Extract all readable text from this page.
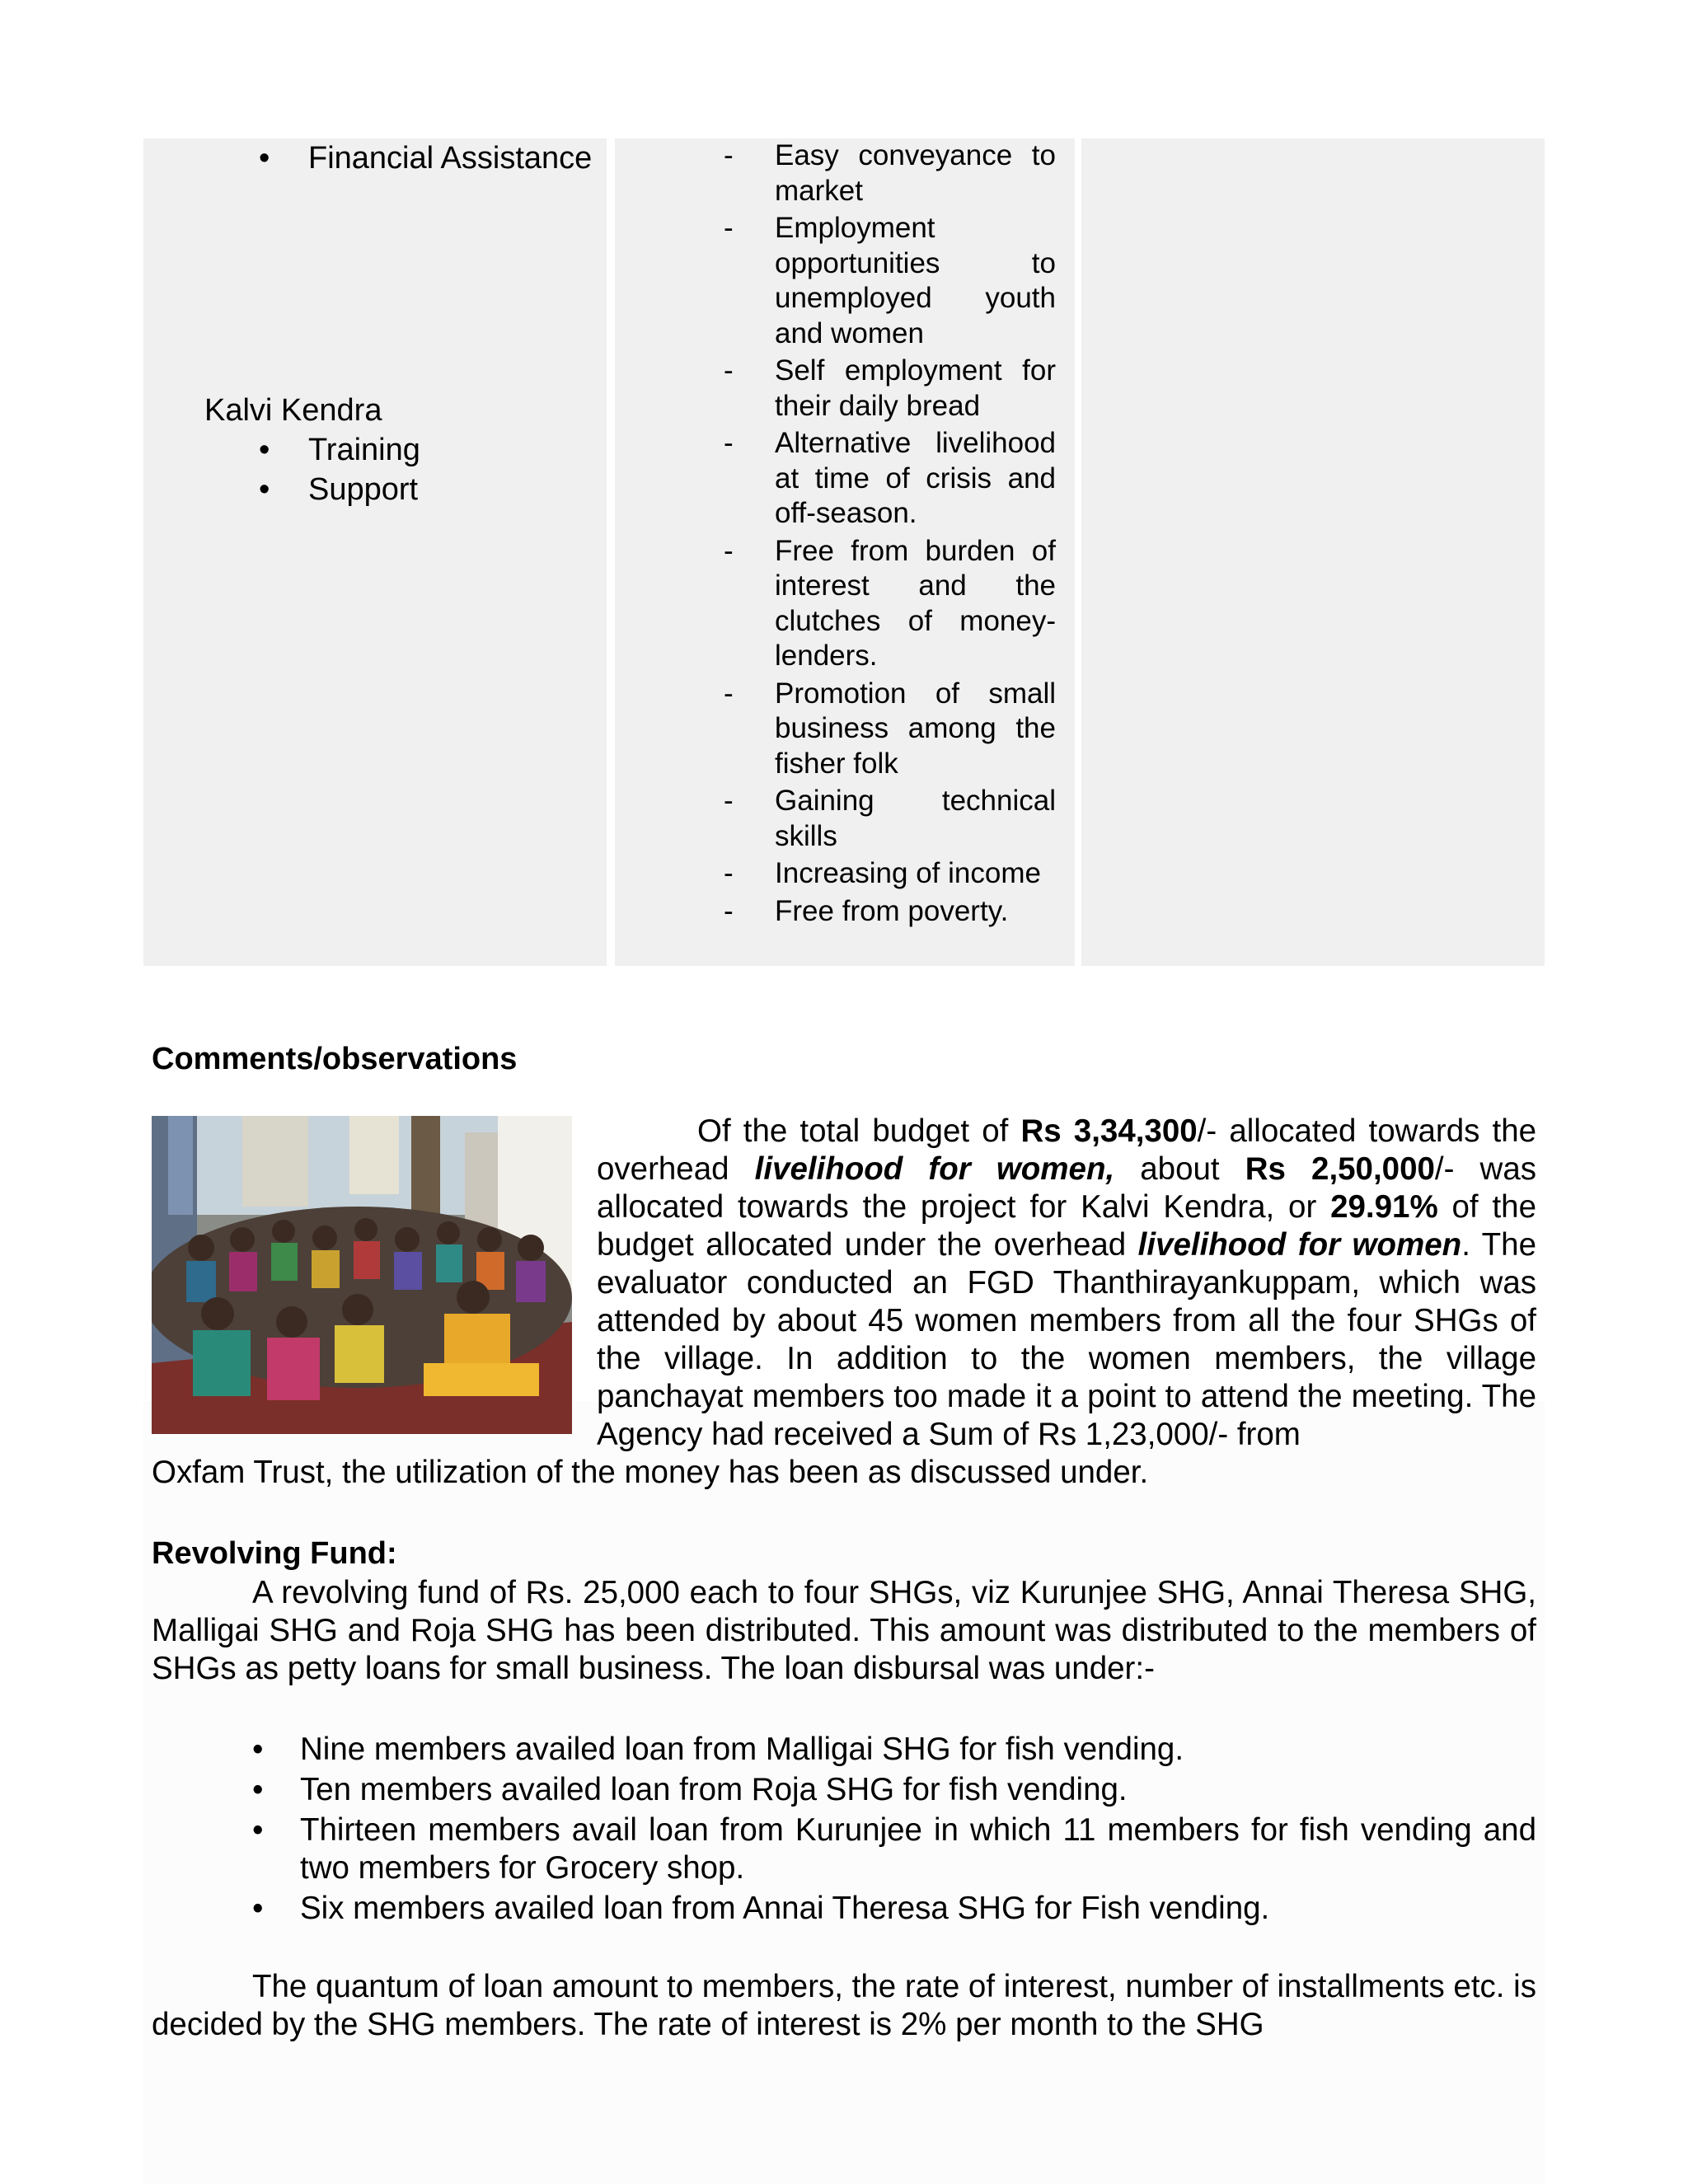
• Financial Assistance
Kalvi Kendra
• Training
• Support
- Easy conveyance to market
- Employment opportunities to unemployed youth and women
- Self employment for their daily bread
- Alternative livelihood at time of crisis and off-season.
- Free from burden of interest and the clutches of money-lenders.
- Promotion of small business among the fisher folk
- Gaining technical skills
- Increasing of income
- Free from poverty.
Comments/observations

Of the total budget of Rs 3,34,300/- allocated towards the overhead livelihood for women, about Rs 2,50,000/- was allocated towards the project for Kalvi Kendra, or 29.91% of the budget allocated under the overhead livelihood for women. The evaluator conducted an FGD Thanthirayankuppam, which was attended by about 45 women members from all the four SHGs of the village. In addition to the women members, the village panchayat members too made it a point to attend the meeting. The Agency had received a Sum of Rs 1,23,000/- from

Oxfam Trust, the utilization of the money has been as discussed under.

Revolving Fund:

A revolving fund of Rs. 25,000 each to four SHGs, viz Kurunjee SHG, Annai Theresa SHG, Malligai SHG and Roja SHG has been distributed. This amount was distributed to the members of SHGs as petty loans for small business. The loan disbursal was under:-

• Nine members availed loan from Malligai SHG for fish vending.
• Ten members availed loan from Roja SHG for fish vending.
• Thirteen members avail loan from Kurunjee in which 11 members for fish vending and two members for Grocery shop.
• Six members availed loan from Annai Theresa SHG for Fish vending.

The quantum of loan amount to members, the rate of interest, number of installments etc. is decided by the SHG members. The rate of interest is 2% per month to the SHG
